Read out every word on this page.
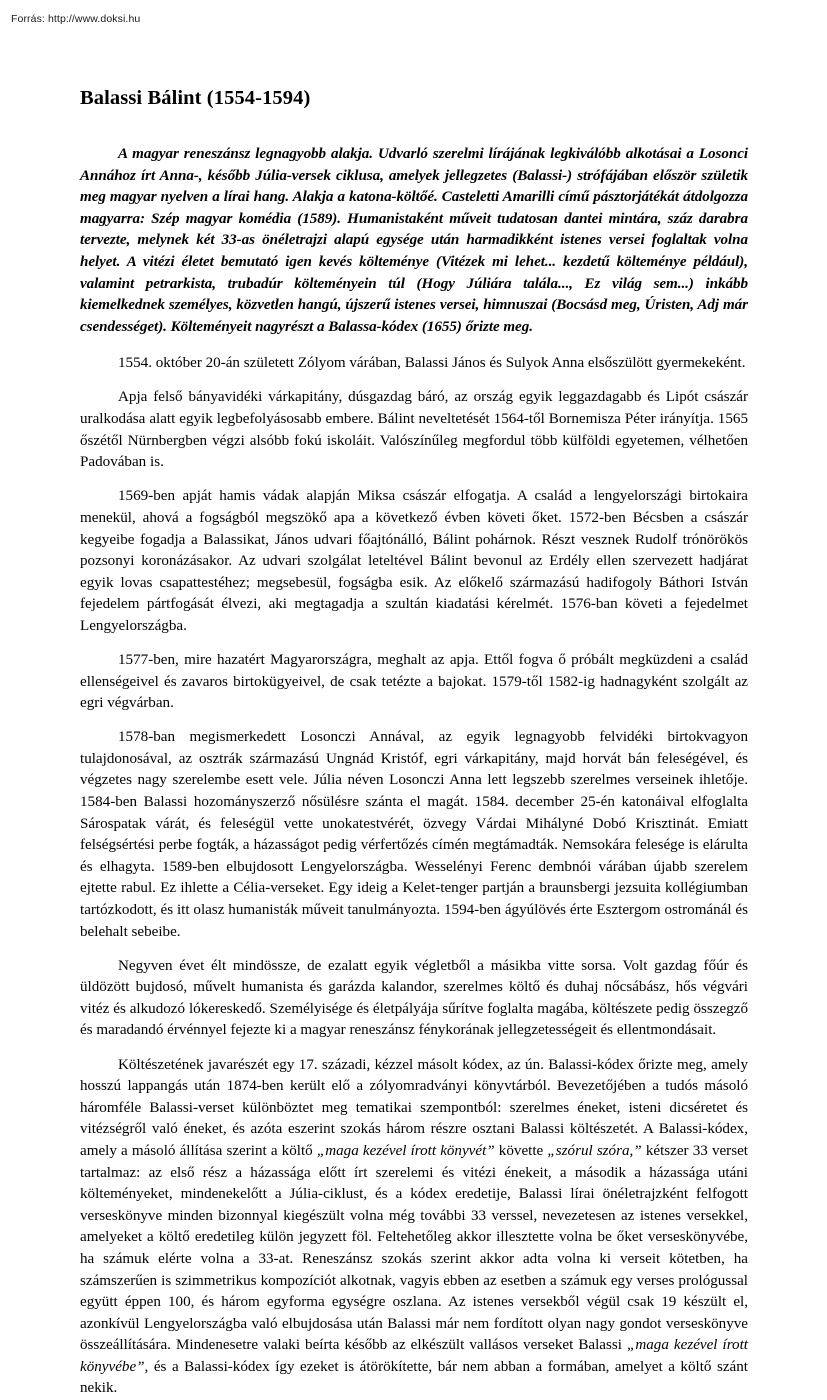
Forrás: http://www.doksi.hu
Balassi Bálint (1554-1594)

A magyar reneszánsz legnagyobb alakja. Udvarló szerelmi lírájának legkiválóbb alkotásai a Losonci Annához írt Anna-, később Júlia-versek ciklusa, amelyek jellegzetes (Balassi-) strófájában először születik meg magyar nyelven a lírai hang. Alakja a katona-költőé. Casteletti Amarilli című pásztorjátékát átdolgozza magyarra: Szép magyar komédia (1589). Humanistaként műveit tudatosan dantei mintára, száz darabra tervezte, melynek két 33-as önéletrajzi alapú egysége után harmadikként istenes versei foglaltak volna helyet. A vitézi életet bemutató igen kevés költeménye (Vitézek mi lehet... kezdetű költeménye például), valamint petrarkista, trubadúr költeményein túl (Hogy Júliára talála..., Ez világ sem...) inkább kiemelkednek személyes, közvetlen hangú, újszerű istenes versei, himnuszai (Bocsásd meg, Úristen, Adj már csendességet). Költeményeit nagyrészt a Balassa-kódex (1655) őrizte meg.

1554. október 20-án született Zólyom várában, Balassi János és Sulyok Anna elsőszülött gyermekeként.

Apja felső bányavidéki várkapitány, dúsgazdag báró, az ország egyik leggazdagabb és Lipót császár uralkodása alatt egyik legbefolyásosabb embere. Bálint neveltetését 1564-től Bornemisza Péter irányítja. 1565 őszétől Nürnbergben végzi alsóbb fokú iskoláit. Valószínűleg megfordul több külföldi egyetemen, vélhetően Padovában is.

1569-ben apját hamis vádak alapján Miksa császár elfogatja. A család a lengyelországi birtokaira menekül, ahová a fogságból megszökő apa a következő évben követi őket. 1572-ben Bécsben a császár kegyeibe fogadja a Balassikat, János udvari főajtónálló, Bálint pohárnok. Részt vesznek Rudolf trónörökös pozsonyi koronázásakor. Az udvari szolgálat leteltével Bálint bevonul az Erdély ellen szervezett hadjárat egyik lovas csapattestéhez; megsebesül, fogságba esik. Az előkelő származású hadifogoly Báthori István fejedelem pártfogását élvezi, aki megtagadja a szultán kiadatási kérelmét. 1576-ban követi a fejedelmet Lengyelországba.

1577-ben, mire hazatért Magyarországra, meghalt az apja. Ettől fogva ő próbált megküzdeni a család ellenségeivel és zavaros birtokügyeivel, de csak tetézte a bajokat. 1579-től 1582-ig hadnagyként szolgált az egri végvárban.

1578-ban megismerkedett Losonczi Annával, az egyik legnagyobb felvidéki birtokvagyon tulajdonosával, az osztrák származású Ungnád Kristóf, egri várkapitány, majd horvát bán feleségével, és végzetes nagy szerelembe esett vele. Júlia néven Losonczi Anna lett legszebb szerelmes verseinek ihletője. 1584-ben Balassi hozományszerző nősülésre szánta el magát. 1584. december 25-én katonáival elfoglalta Sárospatak várát, és feleségül vette unokatestvérét, özvegy Várdai Mihályné Dobó Krisztinát. Emiatt felségsértési perbe fogták, a házasságot pedig vérfertőzés címén megtámadták. Nemsokára felesége is elárulta és elhagyta. 1589-ben elbujdosott Lengyelországba. Wesselényi Ferenc dembnói várában újabb szerelem ejtette rabul. Ez ihlette a Célia-verseket. Egy ideig a Kelet-tenger partján a braunsbergi jezsuita kollégiumban tartózkodott, és itt olasz humanisták műveit tanulmányozta. 1594-ben ágyúlövés érte Esztergom ostrománál és belehalt sebeibe.

Negyven évet élt mindössze, de ezalatt egyik végletből a másikba vitte sorsa. Volt gazdag főúr és üldözött bujdosó, művelt humanista és garázda kalandor, szerelmes költő és duhaj nőcsábász, hős végvári vitéz és alkudozó lókereskedő. Személyisége és életpályája sűrítve foglalta magába, költészete pedig összegző és maradandó érvénnyel fejezte ki a magyar reneszánsz fénykorának jellegzetességeit és ellentmondásait.

Költészetének javarészét egy 17. századi, kézzel másolt kódex, az ún. Balassi-kódex őrizte meg, amely hosszú lappangás után 1874-ben került elő a zólyomradványi könyvtárból. Bevezetőjében a tudós másoló háromféle Balassi-verset különböztet meg tematikai szempontból: szerelmes éneket, isteni dicséretet és vitézségről való éneket, és azóta eszerint szokás három részre osztani Balassi költészetét. A Balassi-kódex, amely a másoló állítása szerint a költő „maga kezével írott könyvét” követte „szórul szóra,” kétszer 33 verset tartalmaz: az első rész a házassága előtt írt szerelemi és vitézi énekeit, a második a házassága utáni költeményeket, mindenekelőtt a Júlia-ciklust, és a kódex eredetije, Balassi lírai önéletrajzként felfogott verseskönyve minden bizonnyal kiegészült volna még további 33 verssel, nevezetesen az istenes versekkel, amelyeket a költő eredetileg külön jegyzett föl. Feltehetőleg akkor illesztette volna be őket verseskönyvébe, ha számuk elérte volna a 33-at. Reneszánsz szokás szerint akkor adta volna ki verseit kötetben, ha számszerűen is szimmetrikus kompozíciót alkotnak, vagyis ebben az esetben a számuk egy verses prológussal együtt éppen 100, és három egyforma egységre oszlana. Az istenes versekből végül csak 19 készült el, azonkívül Lengyelországba való elbujdosása után Balassi már nem fordított olyan nagy gondot verseskönyve összeállítására. Mindenesetre valaki beírta később az elkészült vallásos verseket Balassi „maga kezével írott könyvébe”, és a Balassi-kódex így ezeket is átörökítette, bár nem abban a formában, amelyet a költő szánt nekik.
